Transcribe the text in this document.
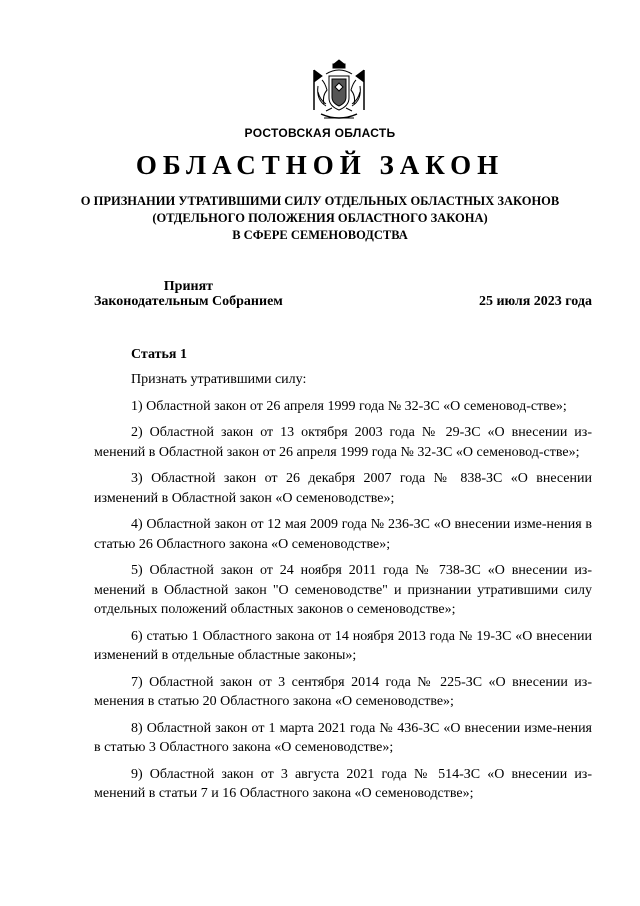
РОСТОВСКАЯ ОБЛАСТЬ
ОБЛАСТНОЙ ЗАКОН
О ПРИЗНАНИИ УТРАТИВШИМИ СИЛУ ОТДЕЛЬНЫХ ОБЛАСТНЫХ ЗАКОНОВ
(ОТДЕЛЬНОГО ПОЛОЖЕНИЯ ОБЛАСТНОГО ЗАКОНА)
В СФЕРЕ СЕМЕНОВОДСТВА
Принят
Законодательным Собранием	25 июля 2023 года
Статья 1

Признать утратившими силу:

1) Областной закон от 26 апреля 1999 года № 32-ЗС «О семеновод-стве»;

2) Областной закон от 13 октября 2003 года № 29-ЗС «О внесении из-менений в Областной закон от 26 апреля 1999 года № 32-ЗС «О семеновод-стве»;

3) Областной закон от 26 декабря 2007 года № 838-ЗС «О внесении изменений в Областной закон «О семеноводстве»;

4) Областной закон от 12 мая 2009 года № 236-ЗС «О внесении изме-нения в статью 26 Областного закона «О семеноводстве»;

5) Областной закон от 24 ноября 2011 года № 738-ЗС «О внесении из-менений в Областной закон "О семеноводстве" и признании утратившими силу отдельных положений областных законов о семеноводстве»;

6) статью 1 Областного закона от 14 ноября 2013 года № 19-ЗС «О внесении изменений в отдельные областные законы»;

7) Областной закон от 3 сентября 2014 года № 225-ЗС «О внесении из-менения в статью 20 Областного закона «О семеноводстве»;

8) Областной закон от 1 марта 2021 года № 436-ЗС «О внесении изме-нения в статью 3 Областного закона «О семеноводстве»;

9) Областной закон от 3 августа 2021 года № 514-ЗС «О внесении из-менений в статьи 7 и 16 Областного закона «О семеноводстве»;
